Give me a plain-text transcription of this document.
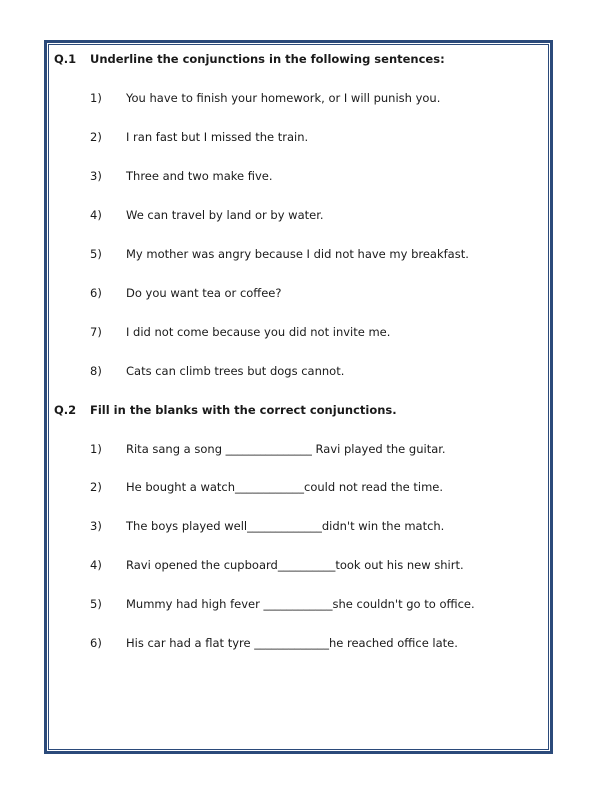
Q.1 Underline the conjunctions in the following sentences:
1) You have to finish your homework, or I will punish you.
2) I ran fast but I missed the train.
3) Three and two make five.
4) We can travel by land or by water.
5) My mother was angry because I did not have my breakfast.
6) Do you want tea or coffee?
7) I did not come because you did not invite me.
8) Cats can climb trees but dogs cannot.
Q.2 Fill in the blanks with the correct conjunctions.
1) Rita sang a song _______________ Ravi played the guitar.
2) He bought a watch____________could not read the time.
3) The boys played well_____________didn't win the match.
4) Ravi opened the cupboard__________took out his new shirt.
5) Mummy had high fever ____________she couldn't go to office.
6) His car had a flat tyre _____________he reached office late.
